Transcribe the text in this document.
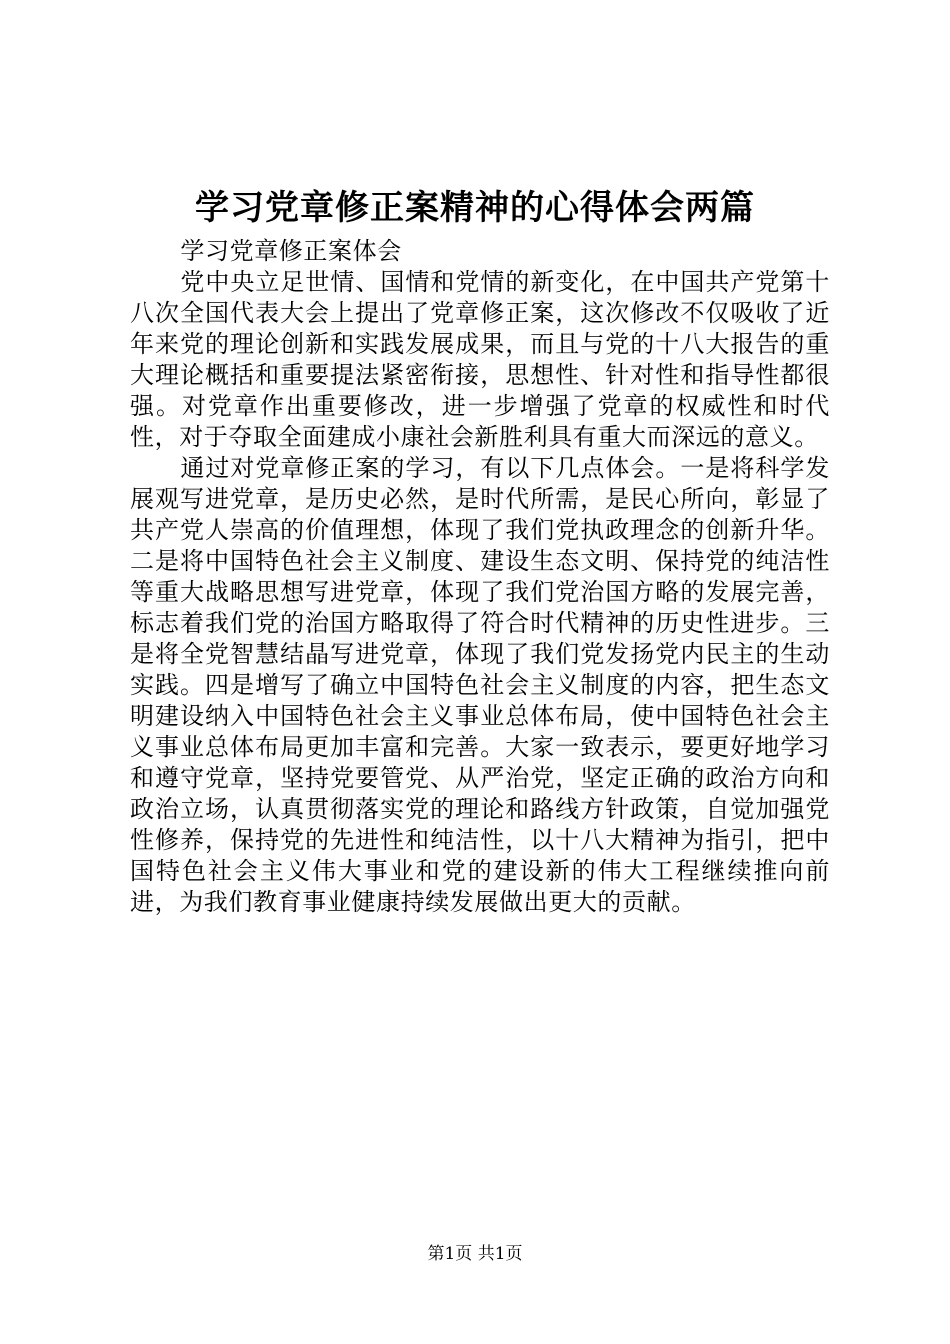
学习党章修正案精神的心得体会两篇

学习党章修正案体会

党中央立足世情、国情和党情的新变化，在中国共产党第十八次全国代表大会上提出了党章修正案，这次修改不仅吸收了近年来党的理论创新和实践发展成果，而且与党的十八大报告的重大理论概括和重要提法紧密衔接，思想性、针对性和指导性都很强。对党章作出重要修改，进一步增强了党章的权威性和时代性，对于夺取全面建成小康社会新胜利具有重大而深远的意义。

通过对党章修正案的学习，有以下几点体会。一是将科学发展观写进党章，是历史必然，是时代所需，是民心所向，彰显了共产党人崇高的价值理想，体现了我们党执政理念的创新升华。二是将中国特色社会主义制度、建设生态文明、保持党的纯洁性等重大战略思想写进党章，体现了我们党治国方略的发展完善，标志着我们党的治国方略取得了符合时代精神的历史性进步。三是将全党智慧结晶写进党章，体现了我们党发扬党内民主的生动实践。四是增写了确立中国特色社会主义制度的内容，把生态文明建设纳入中国特色社会主义事业总体布局，使中国特色社会主义事业总体布局更加丰富和完善。大家一致表示，要更好地学习和遵守党章，坚持党要管党、从严治党，坚定正确的政治方向和政治立场，认真贯彻落实党的理论和路线方针政策，自觉加强党性修养，保持党的先进性和纯洁性，以十八大精神为指引，把中国特色社会主义伟大事业和党的建设新的伟大工程继续推向前进，为我们教育事业健康持续发展做出更大的贡献。

第1页 共1页
